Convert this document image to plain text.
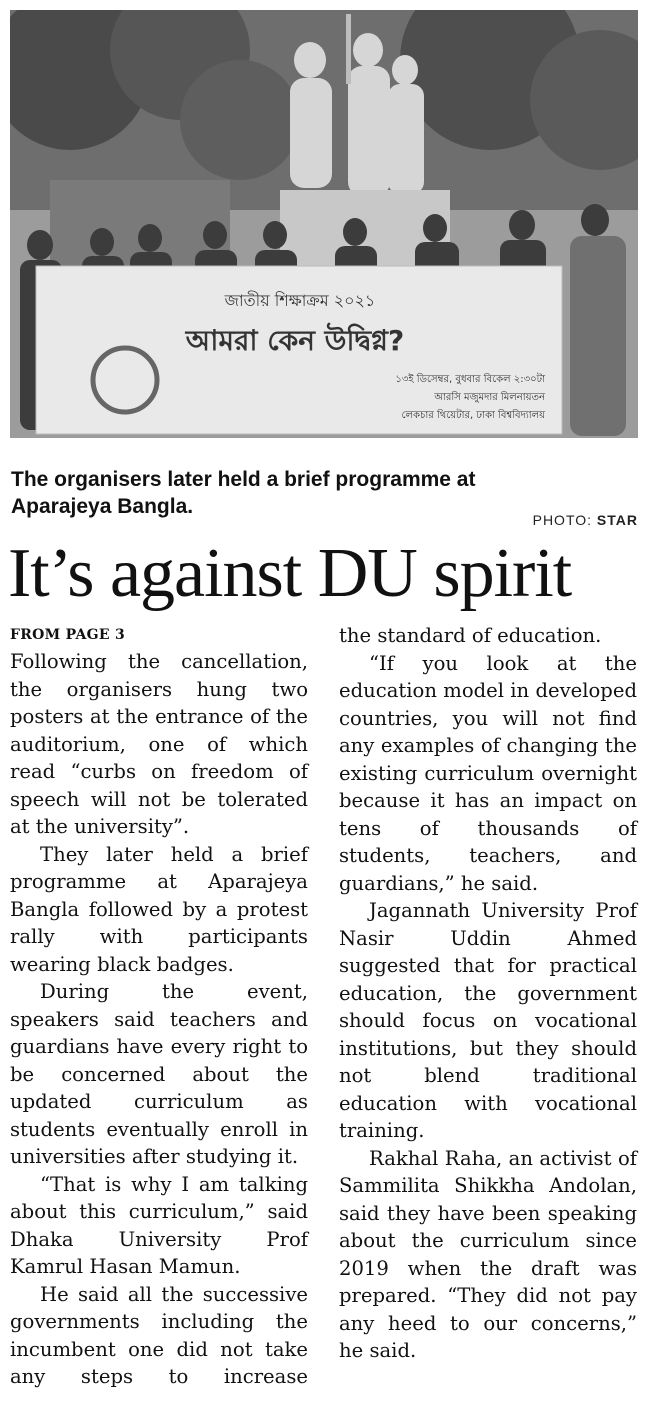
জাতীয় শিক্ষাক্রম ২০২১
আমরা কেন উদ্বিগ্ন?
১৩ই ডিসেম্বর, বুধবার বিকেল ২:৩০টা
আরসি মজুমদার মিলনায়তন
লেকচার থিয়েটার, ঢাকা বিশ্ববিদ্যালয়
The organisers later held a brief programme at Aparajeya Bangla.
PHOTO: STAR
It’s against DU spirit
FROM PAGE 3

Following the cancellation, the organisers hung two posters at the entrance of the auditorium, one of which read “curbs on freedom of speech will not be tolerated at the university”.

They later held a brief programme at Aparajeya Bangla followed by a protest rally with participants wearing black badges.

During the event, speakers said teachers and guardians have every right to be concerned about the updated curriculum as students eventually enroll in universities after studying it.

“That is why I am talking about this curriculum,” said Dhaka University Prof Kamrul Hasan Mamun.

He said all the successive governments including the incumbent one did not take any steps to increase

the standard of education.

“If you look at the education model in developed countries, you will not find any examples of changing the existing curriculum overnight because it has an impact on tens of thousands of students, teachers, and guardians,” he said.

Jagannath University Prof Nasir Uddin Ahmed suggested that for practical education, the government should focus on vocational institutions, but they should not blend traditional education with vocational training.

Rakhal Raha, an activist of Sammilita Shikkha Andolan, said they have been speaking about the curriculum since 2019 when the draft was prepared. “They did not pay any heed to our concerns,” he said.
